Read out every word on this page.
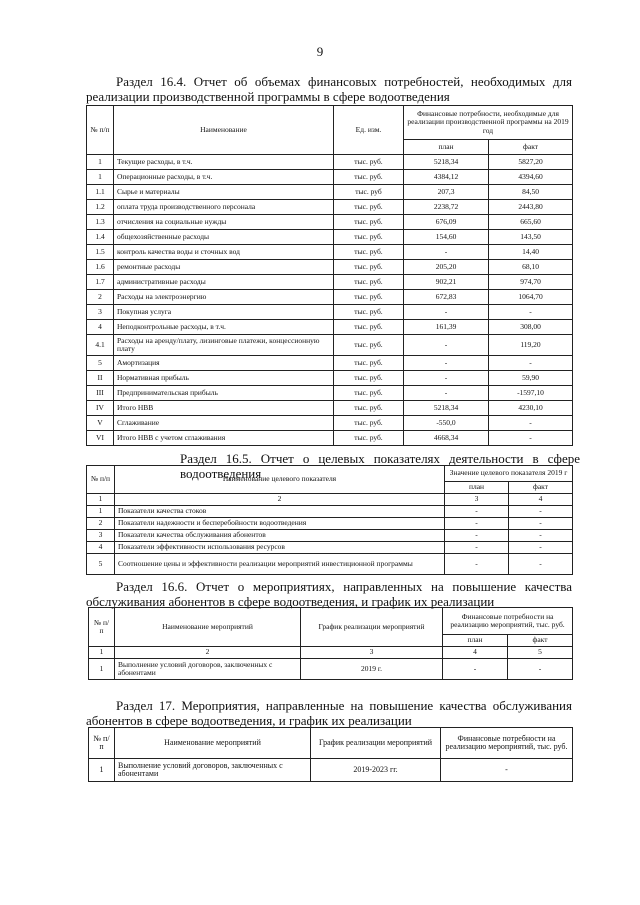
9
Раздел 16.4. Отчет об объемах финансовых потребностей, необходимых для
реализации производственной программы в сфере водоотведения
№ п/п	Наименование	Ед. изм.	Финансовые потребности, необходимые для реализации производственной программы на 2019 год	
			план	факт
1	Текущие расходы, в т.ч.	тыс. руб.	5218,34	5827,20
1	Операционные расходы, в т.ч.	тыс. руб.	4384,12	4394,60
1.1	Сырье и материалы	тыс. руб	207,3	84,50
1.2	оплата труда производственного персонала	тыс. руб.	2238,72	2443,80
1.3	отчисления на социальные нужды	тыс. руб.	676,09	665,60
1.4	общехозяйственные расходы	тыс. руб.	154,60	143,50
1.5	контроль качества воды и сточных вод	тыс. руб.	-	14,40
1.6	ремонтные расходы	тыс. руб.	205,20	68,10
1.7	административные расходы	тыс. руб.	902,21	974,70
2	Расходы на электроэнергию	тыс. руб.	672,83	1064,70
3	Покупная услуга	тыс. руб.	-	-
4	Неподконтрольные расходы, в т.ч.	тыс. руб.	161,39	308,00
4.1	Расходы на аренду/плату, лизинговые платежи, концессионную плату	тыс. руб.	-	119,20
5	Амортизация	тыс. руб.	-	-
II	Нормативная прибыль	тыс. руб.	-	59,90
III	Предпринимательская прибыль	тыс. руб.	-	-1597,10
IV	Итого НВВ	тыс. руб.	5218,34	4230,10
V	Сглаживание	тыс. руб.	-550,0	-
VI	Итого НВВ с учетом сглаживания	тыс. руб.	4668,34	-
Раздел 16.5. Отчет о целевых показателях деятельности в сфере водоотведения
№ п/п	Наименование целевого показателя	Значение целевого показателя 2019 г	
		план	факт
1	2	3	4
1	Показатели качества стоков	-	-
2	Показатели надежности и бесперебойности водоотведения	-	-
3	Показатели качества обслуживания абонентов	-	-
4	Показатели эффективности использования ресурсов	-	-
5	Соотношение цены и эффективности реализации мероприятий инвестиционной программы	-	-
Раздел 16.6. Отчет о мероприятиях, направленных на повышение качества
обслуживания абонентов в сфере водоотведения, и график их реализации
№ п/п	Наименование мероприятий	График реализации мероприятий	Финансовые потребности на реализацию мероприятий, тыс. руб.	
			план	факт
1	2	3	4	5
1	Выполнение условий договоров, заключенных с абонентами	2019 г.	-	-
Раздел 17. Мероприятия, направленные на повышение качества обслуживания
абонентов в сфере водоотведения, и график их реализации
№ п/п	Наименование мероприятий	График реализации мероприятий	Финансовые потребности на реализацию мероприятий, тыс. руб.
1	Выполнение условий договоров, заключенных с абонентами	2019-2023 гг.	-
